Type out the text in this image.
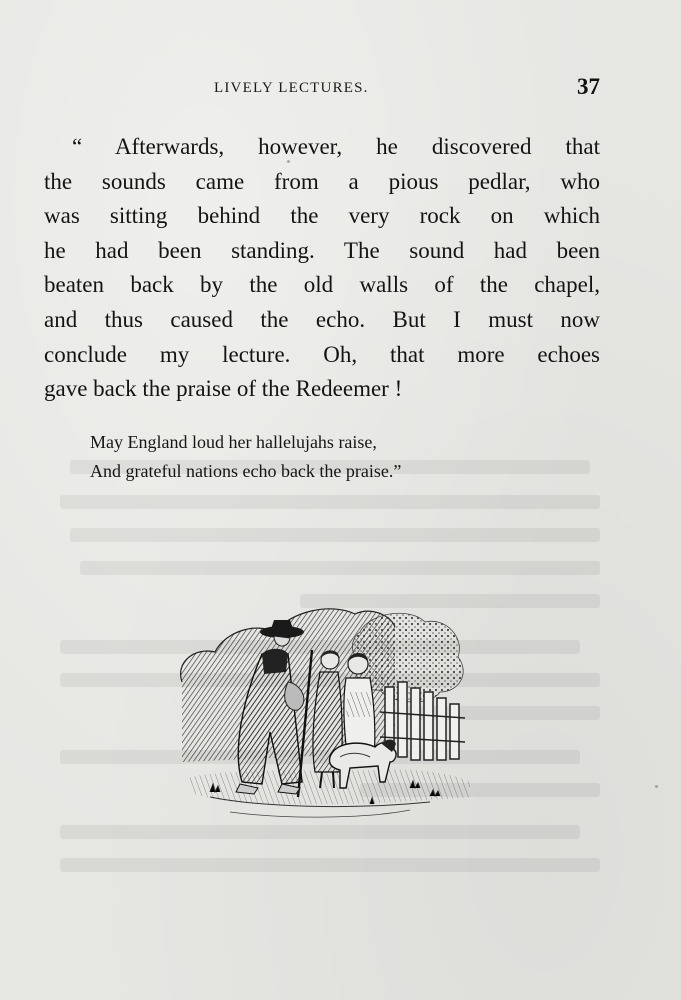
LIVELY LECTURES.	37
“ Afterwards, however, he discovered that
the sounds came from a pious pedlar, who
was sitting behind the very rock on which
he had been standing. The sound had been
beaten back by the old walls of the chapel,
and thus caused the echo. But I must now
conclude my lecture. Oh, that more echoes
gave back the praise of the Redeemer !
May England loud her hallelujahs raise,
And grateful nations echo back the praise.”
